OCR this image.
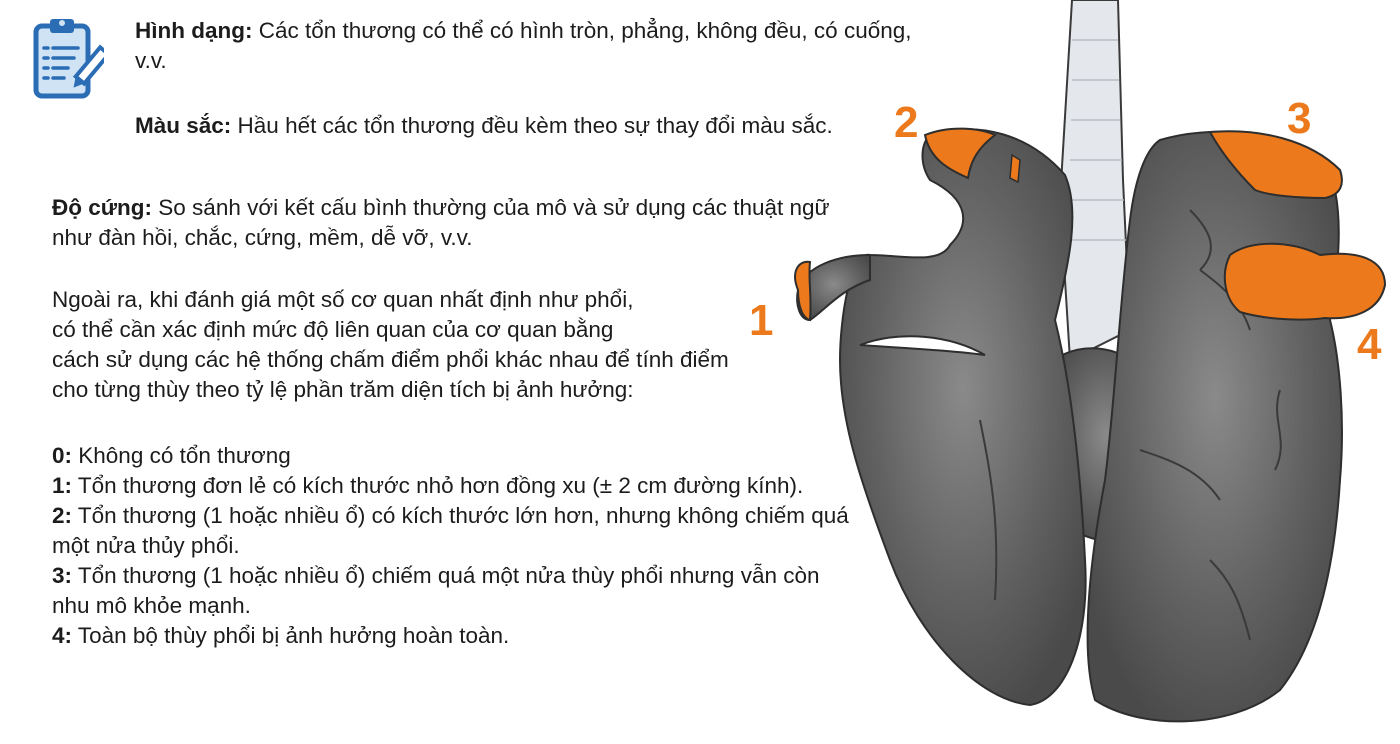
Hình dạng: Các tổn thương có thể có hình tròn, phẳng, không đều, có cuống, v.v.
Màu sắc: Hầu hết các tổn thương đều kèm theo sự thay đổi màu sắc.
Độ cứng: So sánh với kết cấu bình thường của mô và sử dụng các thuật ngữ như đàn hồi, chắc, cứng, mềm, dễ vỡ, v.v.
Ngoài ra, khi đánh giá một số cơ quan nhất định như phổi,
có thể cần xác định mức độ liên quan của cơ quan bằng
cách sử dụng các hệ thống chấm điểm phổi khác nhau để tính điểm
cho từng thùy theo tỷ lệ phần trăm diện tích bị ảnh hưởng:
0: Không có tổn thương
1: Tổn thương đơn lẻ có kích thước nhỏ hơn đồng xu (± 2 cm đường kính).
2: Tổn thương (1 hoặc nhiều ổ) có kích thước lớn hơn, nhưng không chiếm quá một nửa thủy phổi.
3: Tổn thương (1 hoặc nhiều ổ) chiếm quá một nửa thùy phổi nhưng vẫn còn nhu mô khỏe mạnh.
4: Toàn bộ thùy phổi bị ảnh hưởng hoàn toàn.
1
2	3
4
